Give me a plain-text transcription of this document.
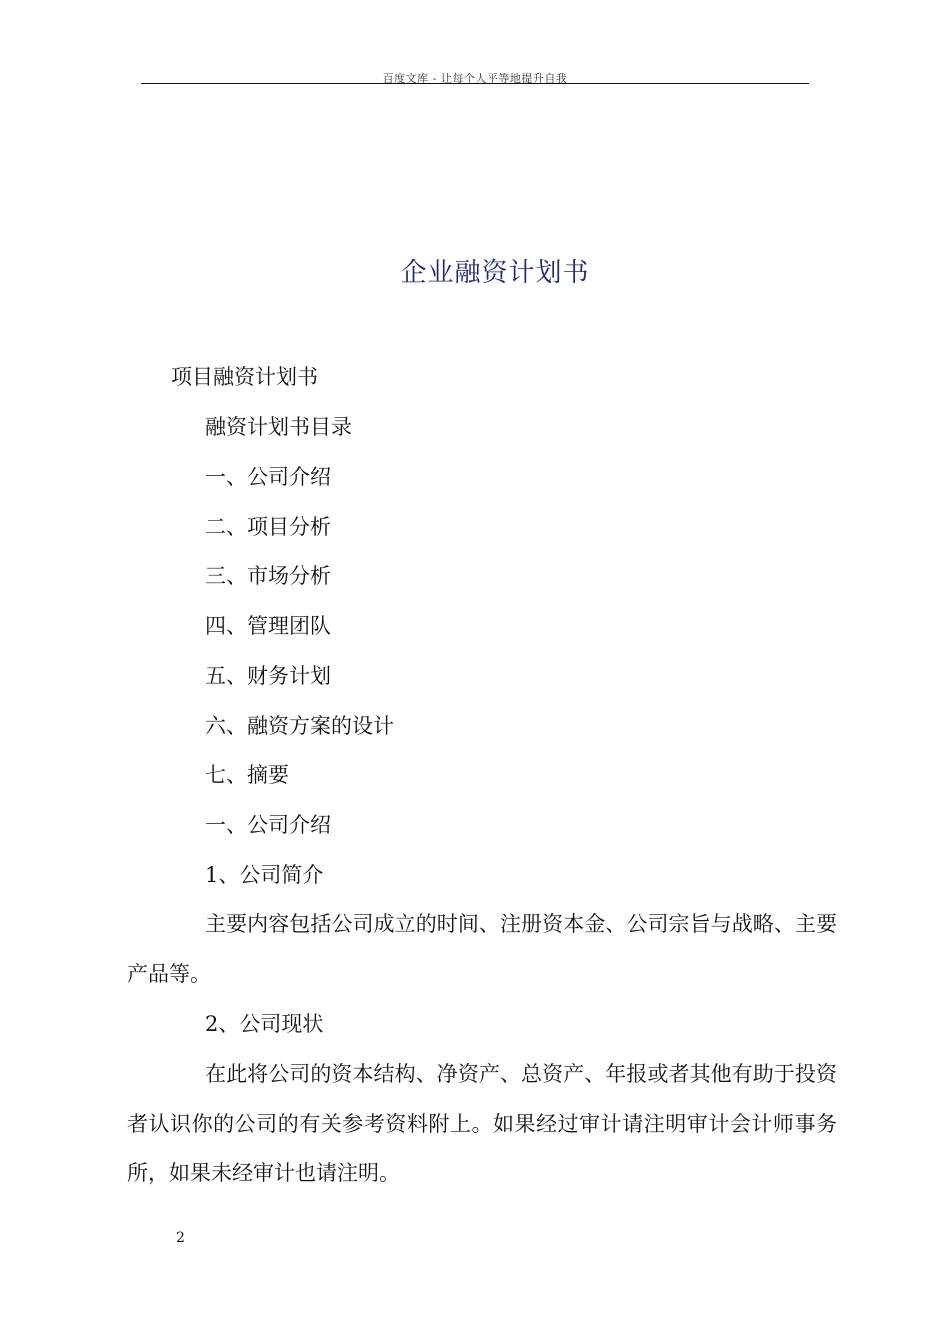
百度文库 - 让每个人平等地提升自我
企业融资计划书
项目融资计划书
融资计划书目录
一、公司介绍
二、项目分析
三、市场分析
四、管理团队
五、财务计划
六、融资方案的设计
七、摘要
一、公司介绍
1、公司简介
主要内容包括公司成立的时间、注册资本金、公司宗旨与战略、主要产品等。
2、公司现状
在此将公司的资本结构、净资产、总资产、年报或者其他有助于投资者认识你的公司的有关参考资料附上。如果经过审计请注明审计会计师事务所，如果未经审计也请注明。
2
